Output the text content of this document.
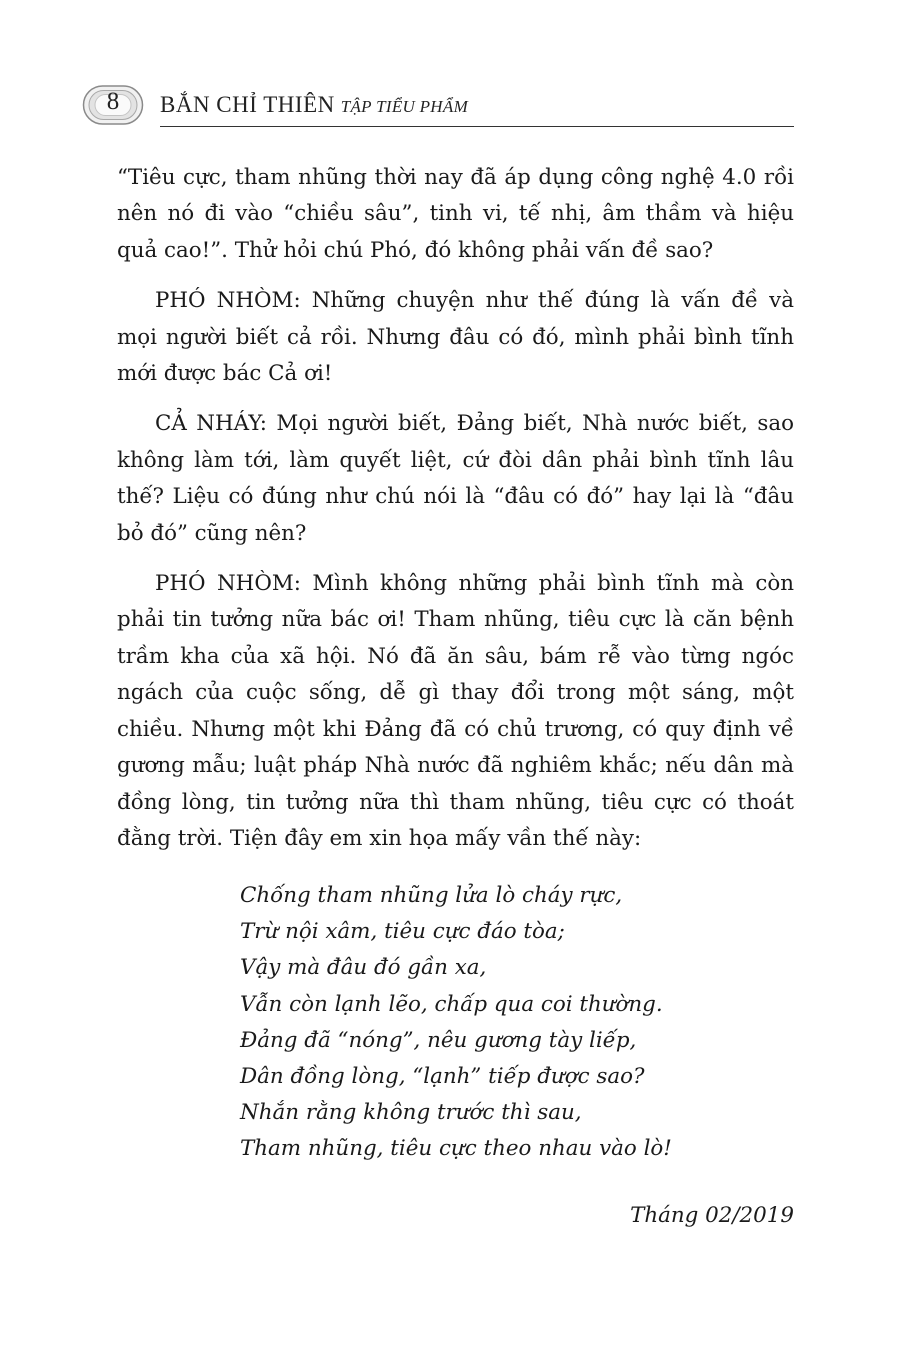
8	BẮN CHỈ THIÊN TẬP TIỂU PHẨM

“Tiêu cực, tham nhũng thời nay đã áp dụng công nghệ 4.0 rồi nên nó đi vào “chiều sâu”, tinh vi, tế nhị, âm thầm và hiệu quả cao!”. Thử hỏi chú Phó, đó không phải vấn đề sao?

PHÓ NHÒM: Những chuyện như thế đúng là vấn đề và mọi người biết cả rồi. Nhưng đâu có đó, mình phải bình tĩnh mới được bác Cả ơi!

CẢ NHÁY: Mọi người biết, Đảng biết, Nhà nước biết, sao không làm tới, làm quyết liệt, cứ đòi dân phải bình tĩnh lâu thế? Liệu có đúng như chú nói là “đâu có đó” hay lại là “đâu bỏ đó” cũng nên?

PHÓ NHÒM: Mình không những phải bình tĩnh mà còn phải tin tưởng nữa bác ơi! Tham nhũng, tiêu cực là căn bệnh trầm kha của xã hội. Nó đã ăn sâu, bám rễ vào từng ngóc ngách của cuộc sống, dễ gì thay đổi trong một sáng, một chiều. Nhưng một khi Đảng đã có chủ trương, có quy định về gương mẫu; luật pháp Nhà nước đã nghiêm khắc; nếu dân mà đồng lòng, tin tưởng nữa thì tham nhũng, tiêu cực có thoát đằng trời. Tiện đây em xin họa mấy vần thế này:

Chống tham nhũng lửa lò cháy rực,
Trừ nội xâm, tiêu cực đáo tòa;
Vậy mà đâu đó gần xa,
Vẫn còn lạnh lẽo, chấp qua coi thường.
Đảng đã “nóng”, nêu gương tày liếp,
Dân đồng lòng, “lạnh” tiếp được sao?
Nhắn rằng không trước thì sau,
Tham nhũng, tiêu cực theo nhau vào lò!
Tháng 02/2019
